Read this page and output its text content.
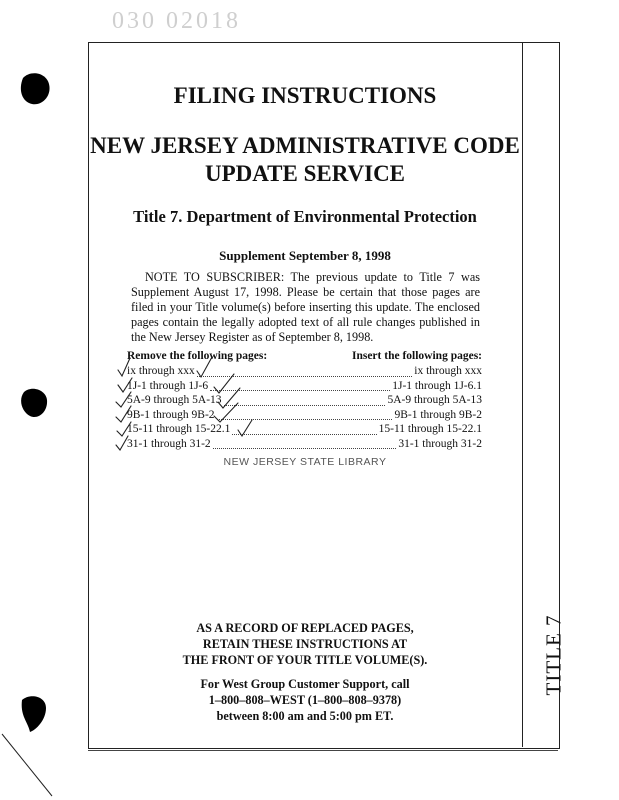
030 02018
TITLE 7
FILING INSTRUCTIONS
NEW JERSEY ADMINISTRATIVE CODE
UPDATE SERVICE
Title 7. Department of Environmental Protection
Supplement September 8, 1998
NOTE TO SUBSCRIBER: The previous update to Title 7 was Supplement August 17, 1998. Please be certain that those pages are filed in your Title volume(s) before inserting this update. The enclosed pages contain the legally adopted text of all rule changes published in the New Jersey Register as of September 8, 1998.
Remove the following pages:	Insert the following pages:
ix through xxx	ix through xxx
1J-1 through 1J-6	1J-1 through 1J-6.1
5A-9 through 5A-13	5A-9 through 5A-13
9B-1 through 9B-2	9B-1 through 9B-2
15-11 through 15-22.1	15-11 through 15-22.1
31-1 through 31-2	31-1 through 31-2
NEW JERSEY STATE LIBRARY
AS A RECORD OF REPLACED PAGES,
RETAIN THESE INSTRUCTIONS AT
THE FRONT OF YOUR TITLE VOLUME(S).
For West Group Customer Support, call
1–800–808–WEST (1–800–808–9378)
between 8:00 am and 5:00 pm ET.
